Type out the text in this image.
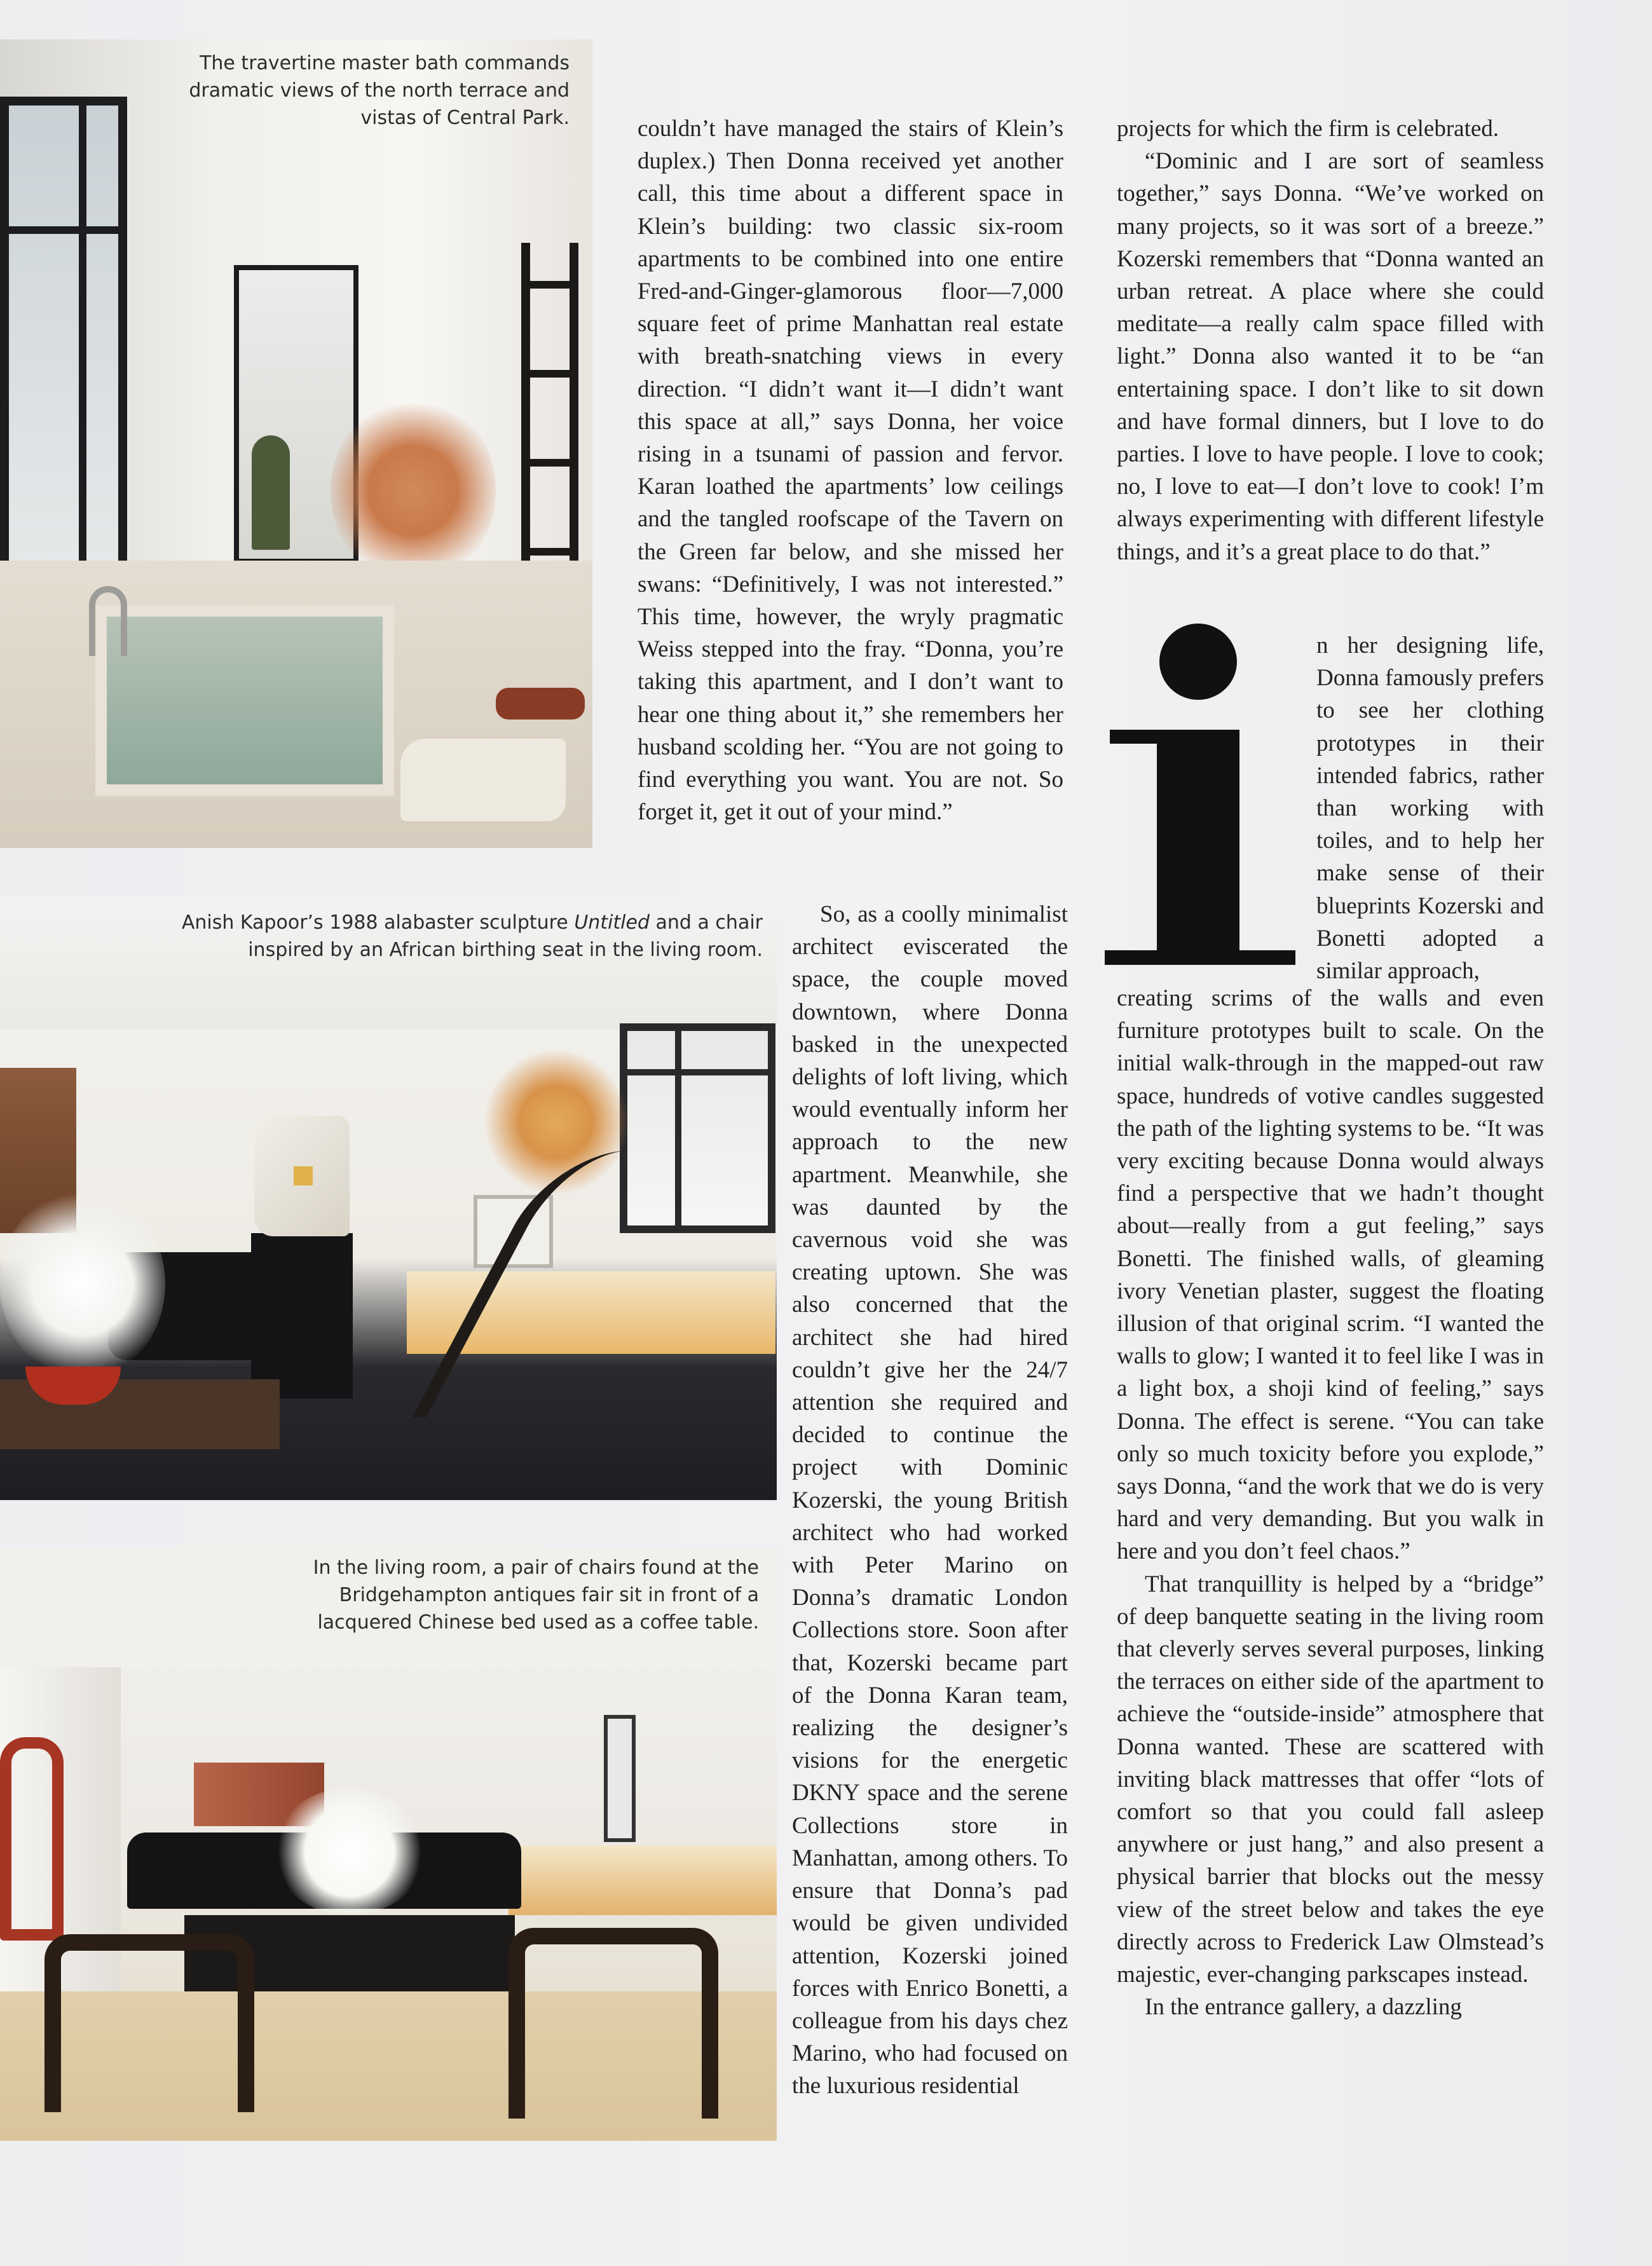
The travertine master bath commands dramatic views of the north terrace and vistas of Central Park.
Anish Kapoor’s 1988 alabaster sculpture Untitled and a chair inspired by an African birthing seat in the living room.
In the living room, a pair of chairs found at the Bridgehampton antiques fair sit in front of a lacquered Chinese bed used as a coffee table.

couldn’t have managed the stairs of Klein’s duplex.) Then Donna received yet another call, this time about a different space in Klein’s building: two classic six-room apartments to be combined into one entire Fred-and-Ginger-glamorous floor—7,000 square feet of prime Manhattan real estate with breath-snatching views in every direction. “I didn’t want it—I didn’t want this space at all,” says Donna, her voice rising in a tsunami of passion and fervor. Karan loathed the apartments’ low ceilings and the tangled roofscape of the Tavern on the Green far below, and she missed her swans: “Definitively, I was not interested.” This time, however, the wryly pragmatic Weiss stepped into the fray. “Donna, you’re taking this apartment, and I don’t want to hear one thing about it,” she remembers her husband scolding her. “You are not going to find everything you want. You are not. So forget it, get it out of your mind.”

So, as a coolly minimalist architect eviscerated the space, the couple moved downtown, where Donna basked in the unexpected delights of loft living, which would eventually inform her approach to the new apartment. Meanwhile, she was daunted by the cavernous void she was creating uptown. She was also concerned that the architect she had hired couldn’t give her the 24/7 attention she required and decided to continue the project with Dominic Kozerski, the young British architect who had worked with Peter Marino on Donna’s dramatic London Collections store. Soon after that, Kozerski became part of the Donna Karan team, realizing the designer’s visions for the energetic DKNY space and the serene Collections store in Manhattan, among others. To ensure that Donna’s pad would be given undivided attention, Kozerski joined forces with Enrico Bonetti, a colleague from his days chez Marino, who had focused on the luxurious residential

projects for which the firm is celebrated.

“Dominic and I are sort of seamless together,” says Donna. “We’ve worked on many projects, so it was sort of a breeze.” Kozerski remembers that “Donna wanted an urban retreat. A place where she could meditate—a really calm space filled with light.” Donna also wanted it to be “an entertaining space. I don’t like to sit down and have formal dinners, but I love to do parties. I love to have people. I love to cook; no, I love to eat—I don’t love to cook! I’m always experimenting with different lifestyle things, and it’s a great place to do that.”

n her designing life, Donna famously prefers to see her clothing prototypes in their intended fabrics, rather than working with toiles, and to help her make sense of their blueprints Kozerski and Bonetti adopted a similar approach,

creating scrims of the walls and even furniture prototypes built to scale. On the initial walk-through in the mapped-out raw space, hundreds of votive candles suggested the path of the lighting systems to be. “It was very exciting because Donna would always find a perspective that we hadn’t thought about—really from a gut feeling,” says Bonetti. The finished walls, of gleaming ivory Venetian plaster, suggest the floating illusion of that original scrim. “I wanted the walls to glow; I wanted it to feel like I was in a light box, a shoji kind of feeling,” says Donna. The effect is serene. “You can take only so much toxicity before you explode,” says Donna, “and the work that we do is very hard and very demanding. But you walk in here and you don’t feel chaos.”

That tranquillity is helped by a “bridge” of deep banquette seating in the living room that cleverly serves several purposes, linking the terraces on either side of the apartment to achieve the “outside-inside” atmosphere that Donna wanted. These are scattered with inviting black mattresses that offer “lots of comfort so that you could fall asleep anywhere or just hang,” and also present a physical barrier that blocks out the messy view of the street below and takes the eye directly across to Frederick Law Olmstead’s majestic, ever-changing parkscapes instead.

In the entrance gallery, a dazzling
